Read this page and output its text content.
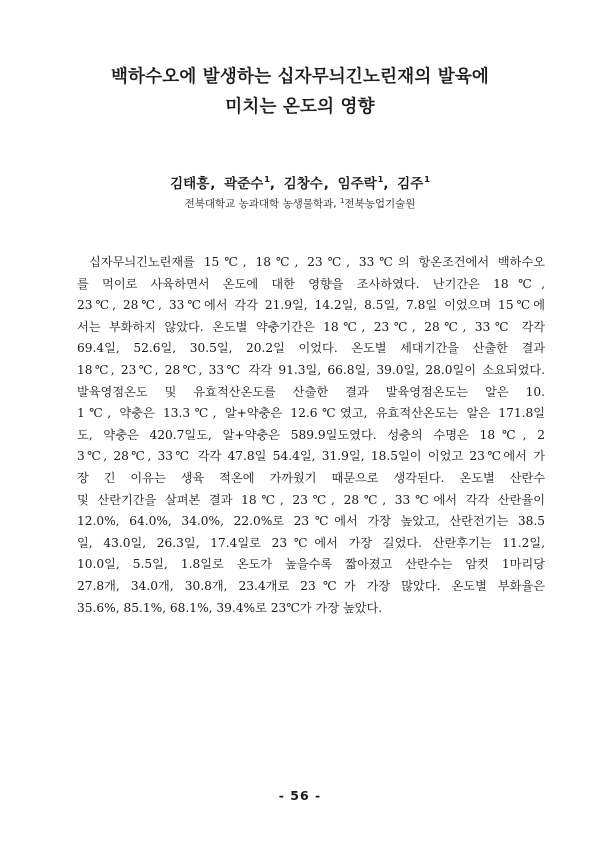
백하수오에 발생하는 십자무늬긴노린재의 발육에
미치는 온도의 영향
김태흥, 곽준수$^1$, 김창수, 임주락$^1$, 김주$^1$
전북대학교 농과대학 농생물학과, $^1$전북농업기술원
십자무늬긴노린재를 15℃, 18℃, 23℃, 33℃의 항온조건에서 백하수오
를 먹이로 사육하면서 온도에 대한 영향을 조사하였다. 난기간은 18℃,
23℃, 28℃, 33℃에서 각각 21.9일, 14.2일, 8.5일, 7.8일 이었으며 15℃에
서는 부화하지 않았다. 온도별 약충기간은 18℃, 23℃, 28℃, 33℃ 각각
69.4일, 52.6일, 30.5일, 20.2일 이었다. 온도별 세대기간을 산출한 결과
18℃, 23℃, 28℃, 33℃ 각각 91.3일, 66.8일, 39.0일, 28.0일이 소요되었다.
발육영점온도 및 유효적산온도를 산출한 결과 발육영점온도는 알은 10.
1℃, 약충은 13.3℃, 알+약충은 12.6℃였고, 유효적산온도는 알은 171.8일
도, 약충은 420.7일도, 알+약충은 589.9일도였다. 성충의 수명은 18℃, 2
3℃, 28℃, 33℃ 각각 47.8일 54.4일, 31.9일, 18.5일이 이었고 23℃에서 가
장 긴 이유는 생육 적온에 가까웠기 때문으로 생각된다. 온도별 산란수
및 산란기간을 살펴본 결과 18℃, 23℃, 28℃, 33℃에서 각각 산란율이
12.0%, 64.0%, 34.0%, 22.0%로 23℃에서 가장 높았고, 산란전기는 38.5
일, 43.0일, 26.3일, 17.4일로 23℃에서 가장 길었다. 산란후기는 11.2일,
10.0일, 5.5일, 1.8일로 온도가 높을수록 짧아졌고 산란수는 암컷 1마리당
27.8개, 34.0개, 30.8개, 23.4개로 23℃가 가장 많았다. 온도별 부화율은
35.6%, 85.1%, 68.1%, 39.4%로 23℃가 가장 높았다.
- 56 -
